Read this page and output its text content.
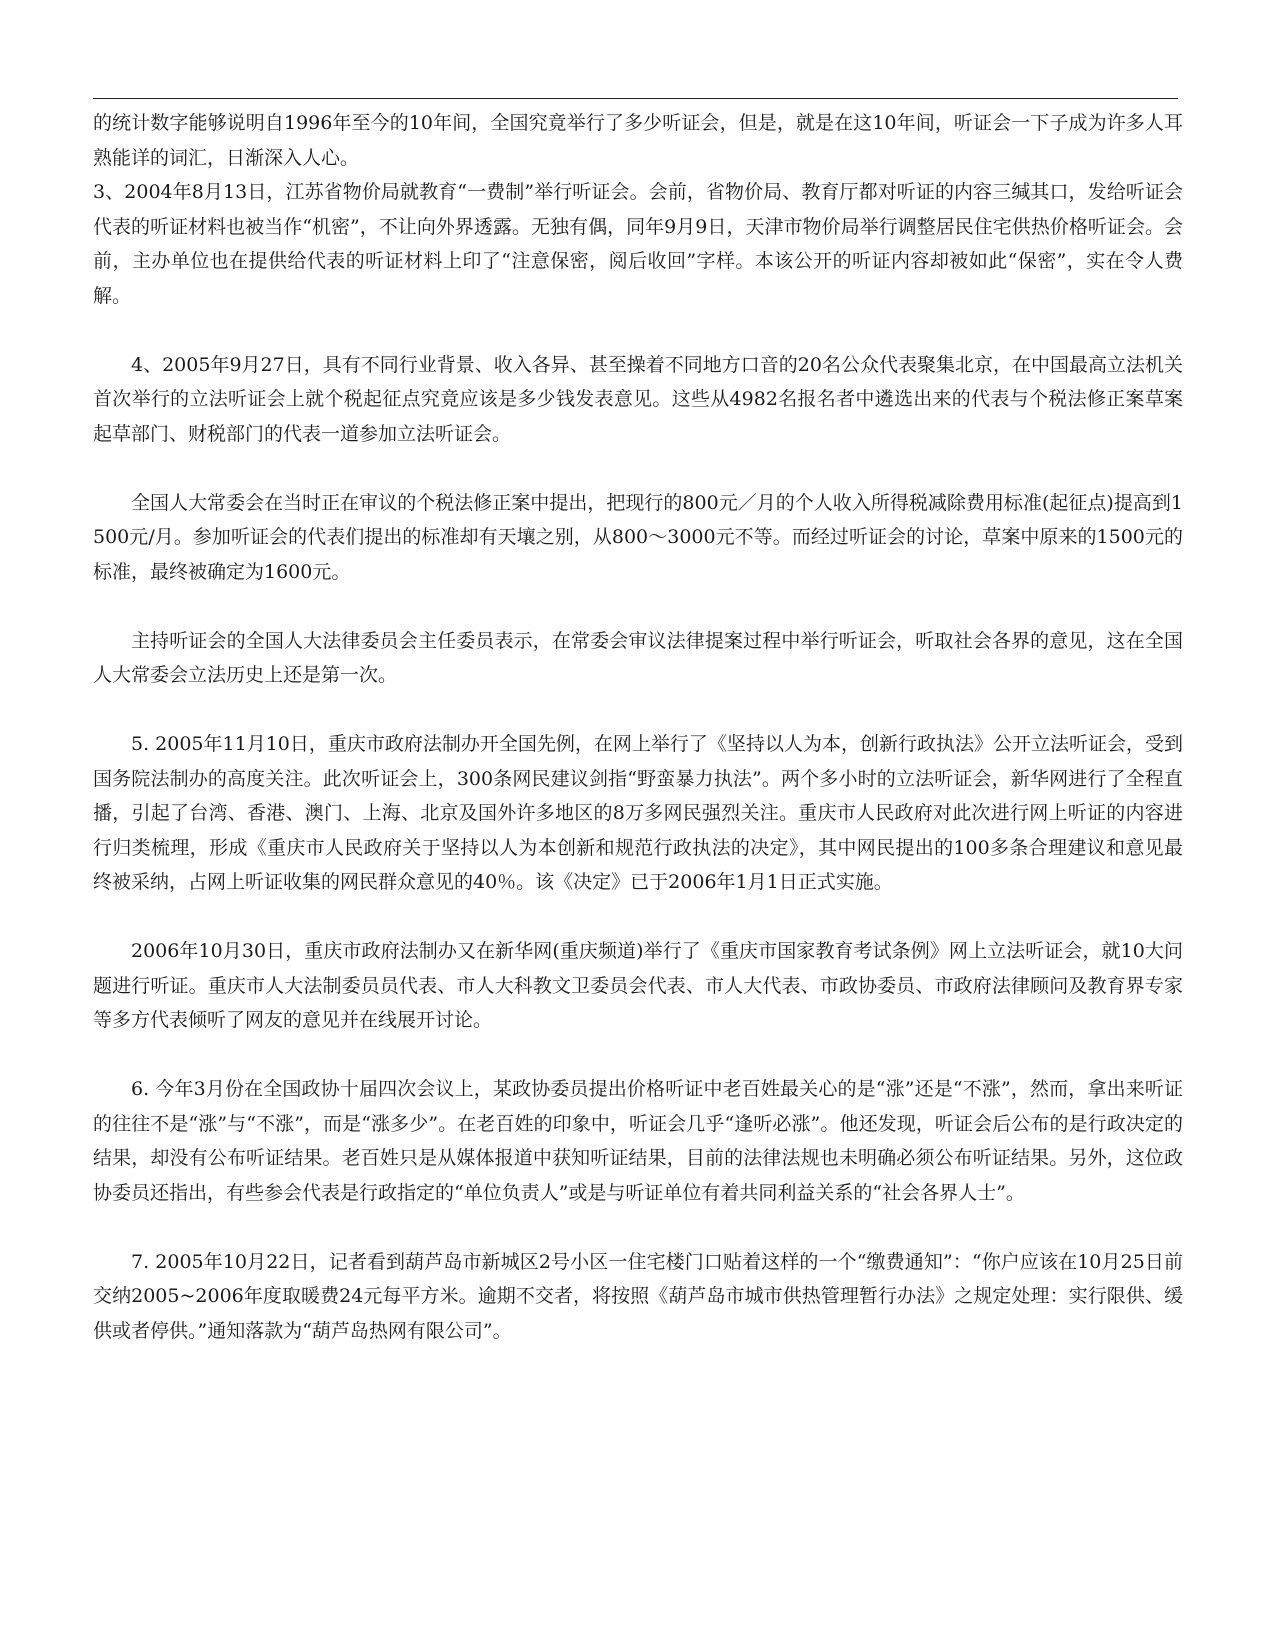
的统计数字能够说明自1996年至今的10年间，全国究竟举行了多少听证会，但是，就是在这10年间，听证会一下子成为许多人耳熟能详的词汇，日渐深入人心。

3、2004年8月13日，江苏省物价局就教育“一费制”举行听证会。会前，省物价局、教育厅都对听证的内容三缄其口，发给听证会代表的听证材料也被当作“机密”，不让向外界透露。无独有偶，同年9月9日，天津市物价局举行调整居民住宅供热价格听证会。会前，主办单位也在提供给代表的听证材料上印了“注意保密，阅后收回”字样。本该公开的听证内容却被如此“保密”，实在令人费解。

4、2005年9月27日，具有不同行业背景、收入各异、甚至操着不同地方口音的20名公众代表聚集北京，在中国最高立法机关首次举行的立法听证会上就个税起征点究竟应该是多少钱发表意见。这些从4982名报名者中遴选出来的代表与个税法修正案草案起草部门、财税部门的代表一道参加立法听证会。

全国人大常委会在当时正在审议的个税法修正案中提出，把现行的800元／月的个人收入所得税减除费用标准(起征点)提高到1500元/月。参加听证会的代表们提出的标准却有天壤之别，从800～3000元不等。而经过听证会的讨论，草案中原来的1500元的标准，最终被确定为1600元。

主持听证会的全国人大法律委员会主任委员表示，在常委会审议法律提案过程中举行听证会，听取社会各界的意见，这在全国人大常委会立法历史上还是第一次。

5. 2005年11月10日，重庆市政府法制办开全国先例，在网上举行了《坚持以人为本，创新行政执法》公开立法听证会，受到国务院法制办的高度关注。此次听证会上，300条网民建议剑指“野蛮暴力执法”。两个多小时的立法听证会，新华网进行了全程直播，引起了台湾、香港、澳门、上海、北京及国外许多地区的8万多网民强烈关注。重庆市人民政府对此次进行网上听证的内容进行归类梳理，形成《重庆市人民政府关于坚持以人为本创新和规范行政执法的决定》，其中网民提出的100多条合理建议和意见最终被采纳，占网上听证收集的网民群众意见的40％。该《决定》已于2006年1月1日正式实施。

2006年10月30日，重庆市政府法制办又在新华网(重庆频道)举行了《重庆市国家教育考试条例》网上立法听证会，就10大问题进行听证。重庆市人大法制委员员代表、市人大科教文卫委员会代表、市人大代表、市政协委员、市政府法律顾问及教育界专家等多方代表倾听了网友的意见并在线展开讨论。

6. 今年3月份在全国政协十届四次会议上，某政协委员提出价格听证中老百姓最关心的是“涨”还是“不涨”，然而，拿出来听证的往往不是“涨”与“不涨”，而是“涨多少”。在老百姓的印象中，听证会几乎“逢听必涨”。他还发现，听证会后公布的是行政决定的结果，却没有公布听证结果。老百姓只是从媒体报道中获知听证结果，目前的法律法规也未明确必须公布听证结果。另外，这位政协委员还指出，有些参会代表是行政指定的“单位负责人”或是与听证单位有着共同利益关系的“社会各界人士”。

7. 2005年10月22日，记者看到葫芦岛市新城区2号小区一住宅楼门口贴着这样的一个“缴费通知”：“你户应该在10月25日前交纳2005~2006年度取暖费24元每平方米。逾期不交者，将按照《葫芦岛市城市供热管理暂行办法》之规定处理：实行限供、缓供或者停供。”通知落款为“葫芦岛热网有限公司”。
